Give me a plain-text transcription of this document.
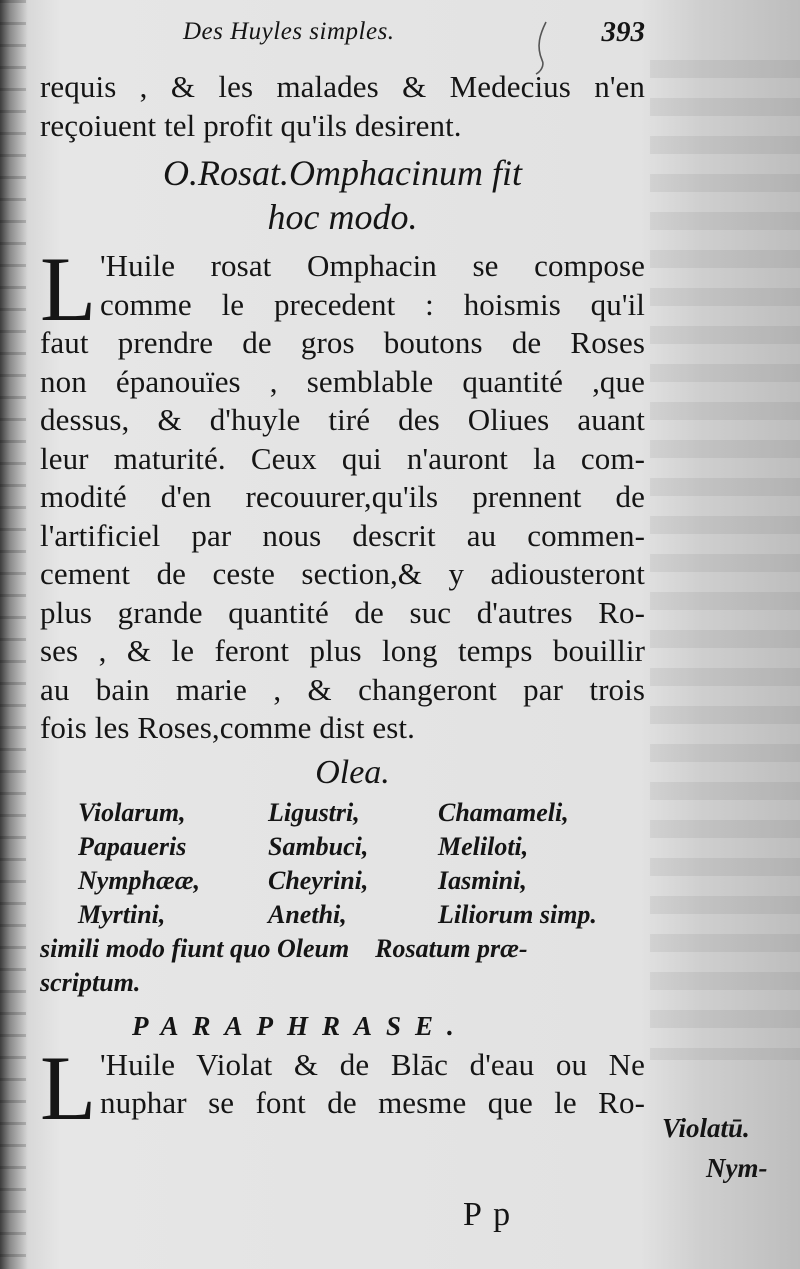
Des Huyles simples.	393
requis , & les malades & Medecius n'en
reçoiuent tel profit qu'ils desirent.
O.Rosat.Omphacinum fit
hoc modo.
L 'Huile rosat Omphacin se compose
comme le precedent : hoismis qu'il
faut prendre de gros boutons de Roses
non épanouïes , semblable quantité ,que
dessus, & d'huyle tiré des Oliues auant
leur maturité. Ceux qui n'auront la com-
modité d'en recouurer,qu'ils prennent de
l'artificiel par nous descrit au commen-
cement de ceste section,& y adiousteront
plus grande quantité de suc d'autres Ro-
ses , & le feront plus long temps bouillir
au bain marie , & changeront par trois
fois les Roses,comme dist est.
Olea.
Violarum,	Ligustri,	Chamameli,
Papaueris	Sambuci,	Meliloti,
Nymphææ,	Cheyrini,	Iasmini,
Myrtini,	Anethi,	Liliorum simp.
simili modo fiunt quo Oleum Rosatum præ-
scriptum.
PARAPHRASE.
L 'Huile Violat & de Blāc d'eau ou Ne
nuphar se font de mesme que le Ro-
Violatū.
Nym-
P p
